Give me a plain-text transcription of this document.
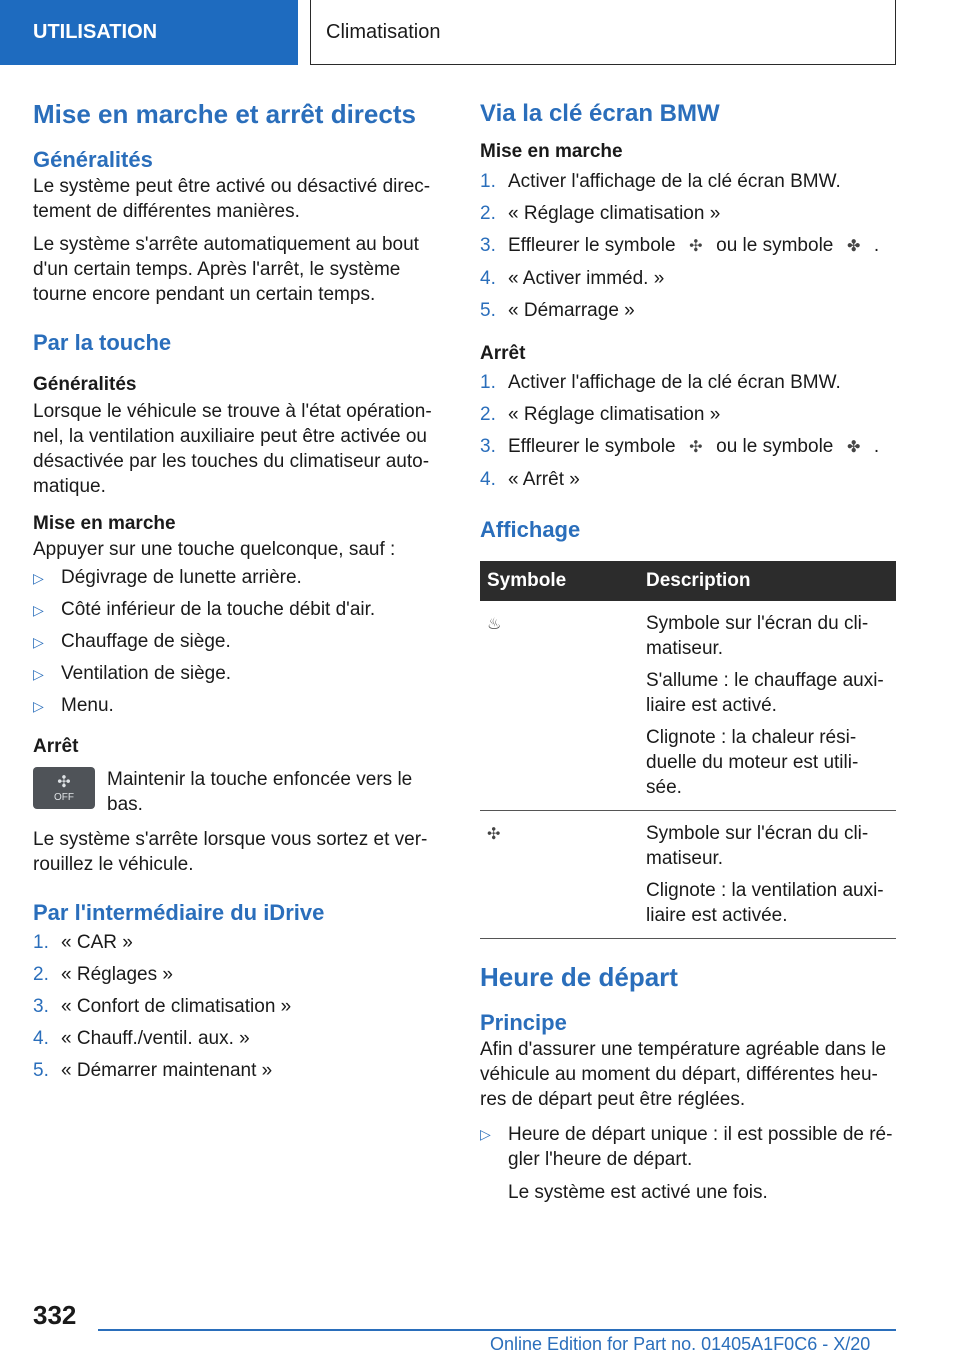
UTILISATION	Climatisation
Mise en marche et arrêt directs
Généralités

Le système peut être activé ou désactivé direc-tement de différentes manières.

Le système s'arrête automatiquement au bout d'un certain temps. Après l'arrêt, le système tourne encore pendant un certain temps.

Par la touche
Généralités

Lorsque le véhicule se trouve à l'état opération-nel, la ventilation auxiliaire peut être activée ou désactivée par les touches du climatiseur auto-matique.

Mise en marche

Appuyer sur une touche quelconque, sauf :

▷ Dégivrage de lunette arrière.
▷ Côté inférieur de la touche débit d'air.
▷ Chauffage de siège.
▷ Ventilation de siège.
▷ Menu.
Arrêt
✣
OFF

Maintenir la touche enfoncée vers le bas.

Le système s'arrête lorsque vous sortez et ver-rouillez le véhicule.

Par l'intermédiaire du iDrive
1. « CAR »
2. « Réglages »
3. « Confort de climatisation »
4. « Chauff./ventil. aux. »
5. « Démarrer maintenant »
Via la clé écran BMW
Mise en marche
1. Activer l'affichage de la clé écran BMW.
2. « Réglage climatisation »
3. Effleurer le symbole ✣ ou le symbole ✤ .
4. « Activer imméd. »
5. « Démarrage »
Arrêt
1. Activer l'affichage de la clé écran BMW.
2. « Réglage climatisation »
3. Effleurer le symbole ✣ ou le symbole ✤ .
4. « Arrêt »
Affichage
Symbole	Description
♨	Symbole sur l'écran du cli-matiseur.

S'allume : le chauffage auxi-liaire est activé.

Clignote : la chaleur rési-duelle du moteur est utili-sée.

✣	Symbole sur l'écran du cli-matiseur.

Clignote : la ventilation auxi-liaire est activée.

Heure de départ
Principe

Afin d'assurer une température agréable dans le véhicule au moment du départ, différentes heu-res de départ peut être réglées.

▷ Heure de départ unique : il est possible de ré-gler l'heure de départ.

Le système est activé une fois.

332
Online Edition for Part no. 01405A1F0C6 - X/20
